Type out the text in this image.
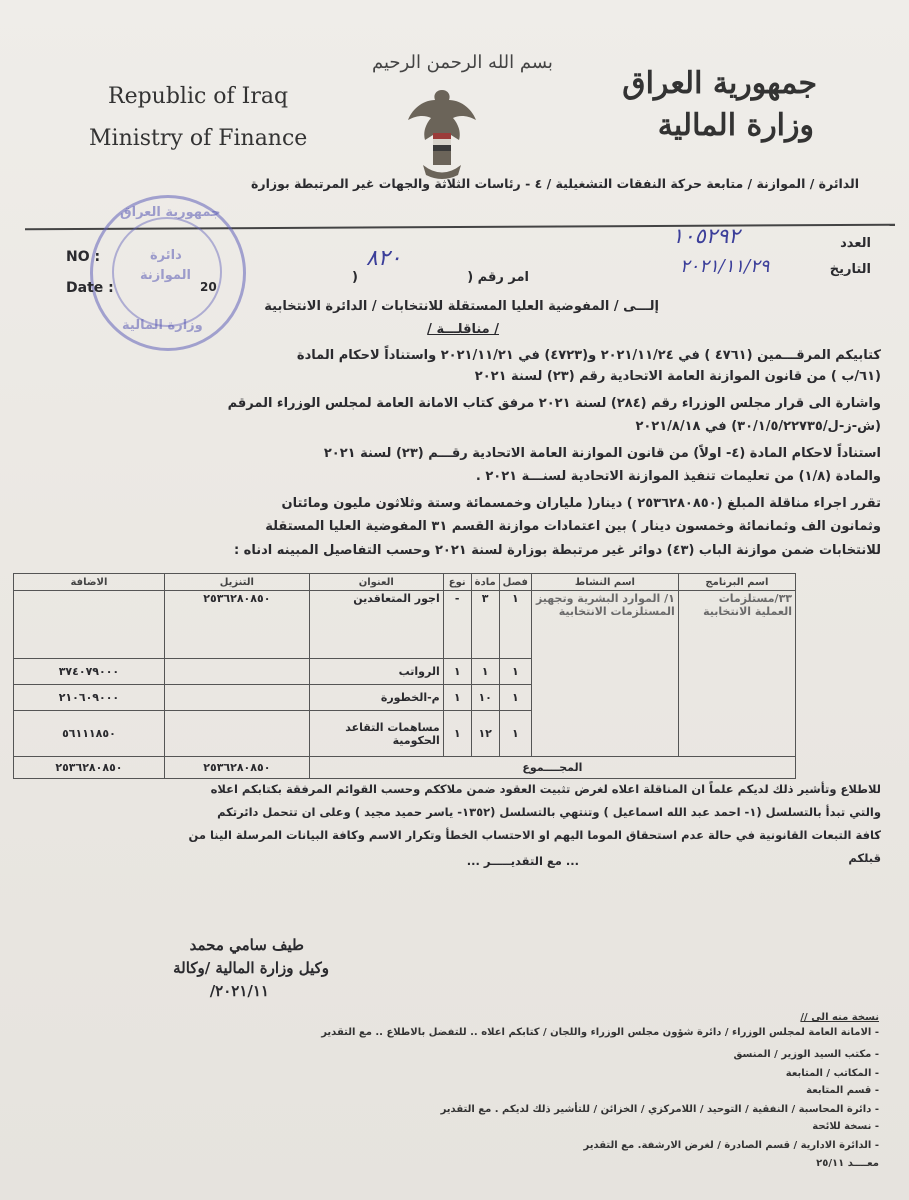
Republic of Iraq
Ministry of Finance
بسم الله الرحمن الرحيم
جمهورية العراق
وزارة المالية
الدائرة / الموازنة / متابعة حركة النفقات التشغيلية / ٤ - رئاسات الثلاثة والجهات غير المرتبطة بوزارة
العدد
١٠٥٢٩٢
التاريخ
٢٠٢١/١١/٢٩
جمهورية العراق
دائرة
الموازنة
وزارة المالية
NO :
Date :	20
امر رقم (
٨٢٠
)
إلـــى / المفوضية العليا المستقلة للانتخابات / الدائرة الانتخابية
/ مناقلـــة /
كتابيكم المرقـــمين (٤٧٦١ ) في ٢٠٢١/١١/٢٤ و(٤٧٢٣) في ٢٠٢١/١١/٢١ واستناداً لاحكام المادة
(٦١/ب ) من قانون الموازنة العامة الاتحادية رقم (٢٣) لسنة ٢٠٢١
واشارة الى قرار مجلس الوزراء رقم (٢٨٤) لسنة ٢٠٢١ مرفق كتاب الامانة العامة لمجلس الوزراء المرقم
(ش-ز-ل/٣٠/١/٥/٢٢٧٣٥) في ٢٠٢١/٨/١٨
استناداً لاحكام المادة (٤- اولاً) من قانون الموازنة العامة الاتحادية رقـــم (٢٣) لسنة ٢٠٢١
والمادة (١/٨) من تعليمات تنفيذ الموازنة الاتحادية لسنـــة ٢٠٢١ .
تقرر اجراء مناقلة المبلغ (٢٥٣٦٢٨٠٨٥٠ ) دينار( ملياران وخمسمائة وستة وثلاثون مليون ومائتان
وثمانون الف وثمانمائة وخمسون دينار ) بين اعتمادات موازنة القسم ٣١ المفوضية العليا المستقلة
للانتخابات ضمن موازنة الباب (٤٣) دوائر غير مرتبطة بوزارة لسنة ٢٠٢١ وحسب التفاصيل المبينه ادناه :
اسم البرنامج	اسم النشاط	فصل	مادة	نوع	العنوان	التنزيل	الاضافة
٣٣/مستلزمات العملية الانتخابية	١/ الموارد البشرية وتجهيز المستلزمات الانتخابية	١	٣	-	اجور المتعاقدين	٢٥٣٦٢٨٠٨٥٠	
		١	١	١	الرواتب		٣٧٤٠٧٩٠٠٠
		١	١٠	١	م-الخطورة		٢١٠٦٠٩٠٠٠
		١	١٢	١	مساهمات التقاعد الحكومية		٥٦١١١٨٥٠
المجــــموع						٢٥٣٦٢٨٠٨٥٠	٢٥٣٦٢٨٠٨٥٠
للاطلاع وتأشير ذلك لديكم علماً ان المناقلة اعلاه لغرض تثبيت العقود ضمن ملاككم وحسب القوائم المرفقة بكتابكم اعلاه
والتي تبدأ بالتسلسل (١- احمد عبد الله اسماعيل ) وتنتهي بالتسلسل (١٣٥٢- ياسر حميد مجيد ) وعلى ان تتحمل دائرتكم
كافة التبعات القانونية في حالة عدم استحقاق الموما اليهم او الاحتساب الخطأ وتكرار الاسم وكافة البيانات المرسلة الينا من
قبلكم
... مع التقديـــــر ...
طيف سامي محمد
وكيل وزارة المالية /وكالة
٢٠٢١/١١/
نسخة منه الى //
- الامانة العامة لمجلس الوزراء / دائرة شؤون مجلس الوزراء واللجان / كتابكم اعلاه .. للتفضل بالاطلاع .. مع التقدير
- مكتب السيد الوزير / المنسق
- المكاتب / المتابعة
- قسم المتابعة
- دائرة المحاسبة / النفقية / التوحيد / اللامركزي / الخزائن / للتأشير ذلك لديكم . مع التقدير
- نسخة للائحة
- الدائرة الادارية / قسم الصادرة / لغرض الارشفة. مع التقدير
معــــد ٢٥/١١
